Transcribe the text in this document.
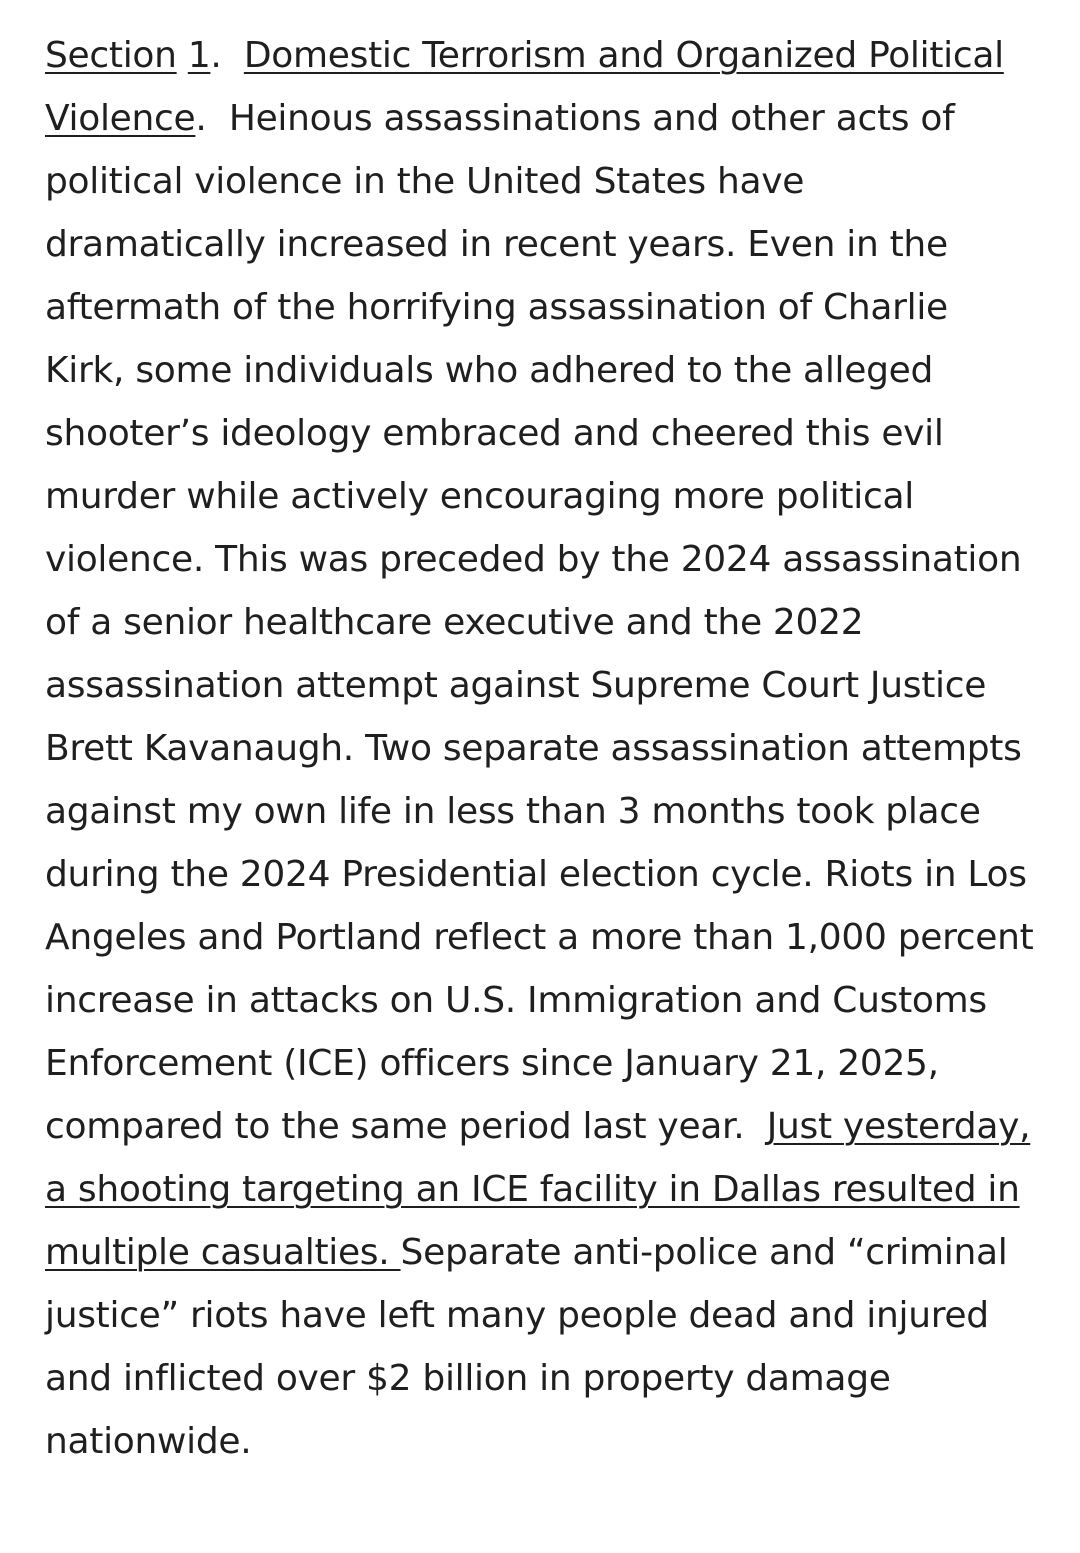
Section 1.  Domestic Terrorism and Organized Political Violence.  Heinous assassinations and other acts of political violence in the United States have dramatically increased in recent years. Even in the aftermath of the horrifying assassination of Charlie Kirk, some individuals who adhered to the alleged shooter’s ideology embraced and cheered this evil murder while actively encouraging more political violence. This was preceded by the 2024 assassination of a senior healthcare executive and the 2022 assassination attempt against Supreme Court Justice Brett Kavanaugh. Two separate assassination attempts against my own life in less than 3 months took place during the 2024 Presidential election cycle. Riots in Los Angeles and Portland reflect a more than 1,000 percent increase in attacks on U.S. Immigration and Customs Enforcement (ICE) officers since January 21, 2025, compared to the same period last year. Just yesterday, a shooting targeting an ICE facility in Dallas resulted in multiple casualties. Separate anti-police and “criminal justice” riots have left many people dead and injured and inflicted over $2 billion in property damage nationwide.
